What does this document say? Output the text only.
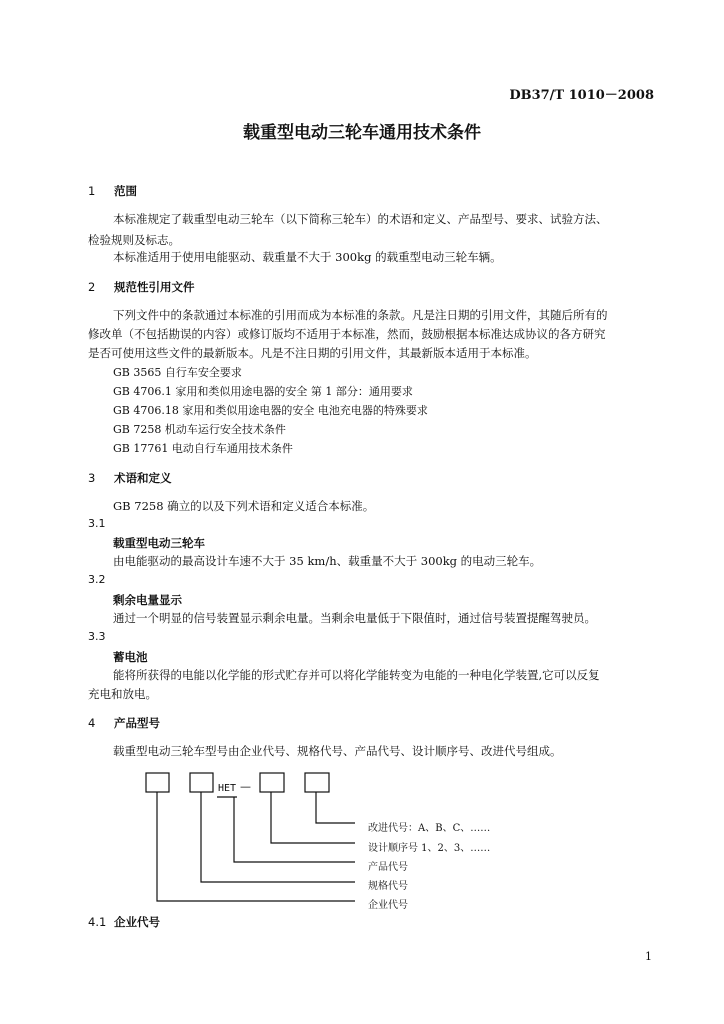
DB37/T 1010－2008
载重型电动三轮车通用技术条件
1 范围
本标准规定了载重型电动三轮车（以下简称三轮车）的术语和定义、产品型号、要求、试验方法、
检验规则及标志。
本标准适用于使用电能驱动、载重量不大于 300kg 的载重型电动三轮车辆。
2 规范性引用文件
下列文件中的条款通过本标准的引用而成为本标准的条款。凡是注日期的引用文件，其随后所有的
修改单（不包括勘误的内容）或修订版均不适用于本标准，然而，鼓励根据本标准达成协议的各方研究
是否可使用这些文件的最新版本。凡是不注日期的引用文件，其最新版本适用于本标准。
GB 3565 自行车安全要求
GB 4706.1 家用和类似用途电器的安全 第 1 部分：通用要求
GB 4706.18 家用和类似用途电器的安全 电池充电器的特殊要求
GB 7258 机动车运行安全技术条件
GB 17761 电动自行车通用技术条件
3 术语和定义
GB 7258 确立的以及下列术语和定义适合本标准。
3.1
载重型电动三轮车
由电能驱动的最高设计车速不大于 35 km/h、载重量不大于 300kg 的电动三轮车。
3.2
剩余电量显示
通过一个明显的信号装置显示剩余电量。当剩余电量低于下限值时，通过信号装置提醒驾驶员。
3.3
蓄电池
能将所获得的电能以化学能的形式贮存并可以将化学能转变为电能的一种电化学装置,它可以反复
充电和放电。
4 产品型号
载重型电动三轮车型号由企业代号、规格代号、产品代号、设计顺序号、改进代号组成。
HET —
改进代号：A、B、C、……
设计顺序号 1、2、3、……
产品代号
规格代号
企业代号
4.1 企业代号
1
